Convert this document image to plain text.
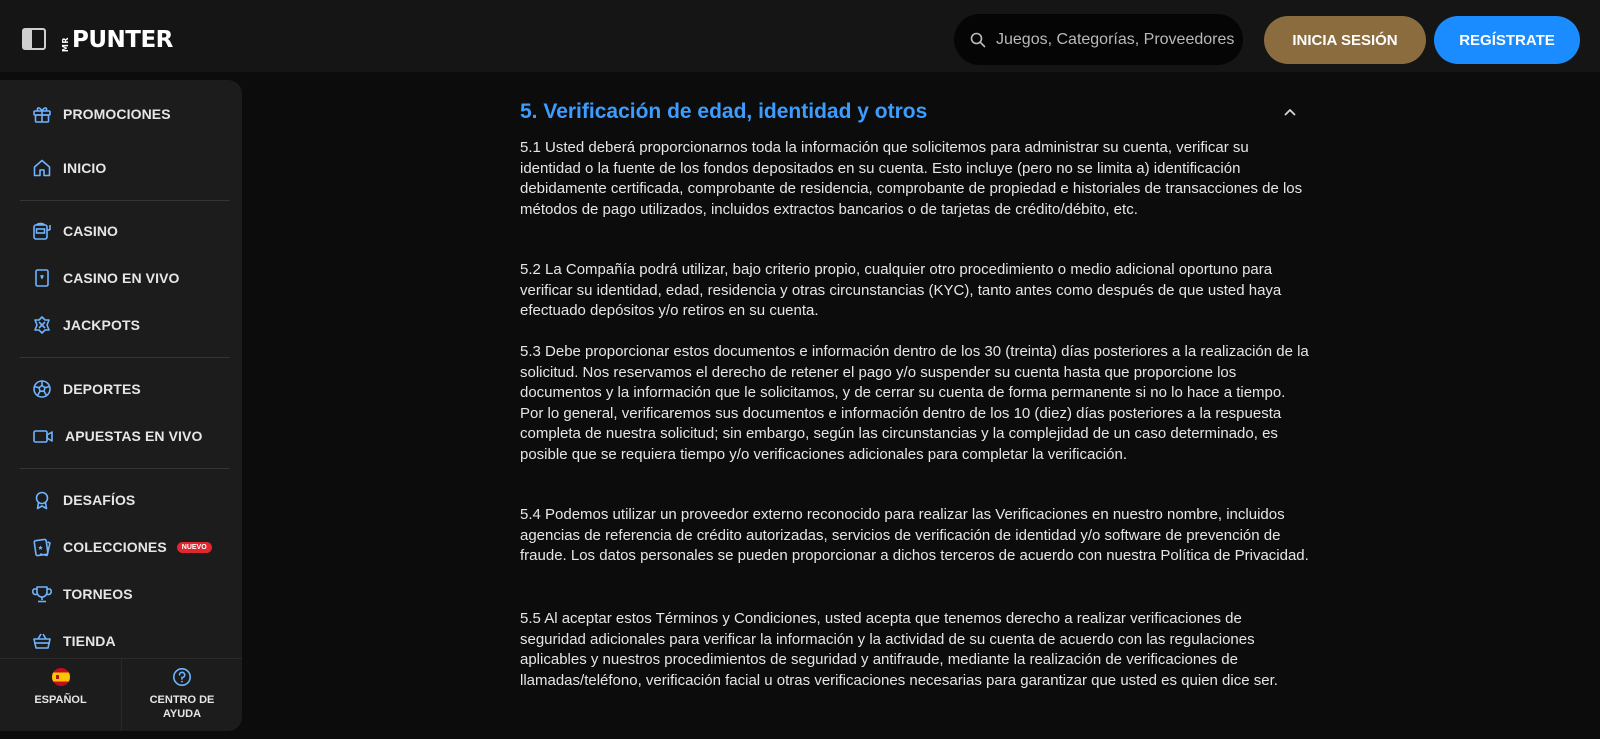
MR PUNTER
Juegos, Categorías, Proveedores	INICIA SESIÓN	REGÍSTRATE
PROMOCIONES
INICIO
CASINO
CASINO EN VIVO
JACKPOTS
DEPORTES
APUESTAS EN VIVO
DESAFÍOS
COLECCIONES	NUEVO
TORNEOS
TIENDA
ESPAÑOL	CENTRO DE AYUDA
5. Verificación de edad, identidad y otros

5.1 Usted deberá proporcionarnos toda la información que solicitemos para administrar su cuenta, verificar su identidad o la fuente de los fondos depositados en su cuenta. Esto incluye (pero no se limita a) identificación debidamente certificada, comprobante de residencia, comprobante de propiedad e historiales de transacciones de los métodos de pago utilizados, incluidos extractos bancarios o de tarjetas de crédito/débito, etc.

5.2 La Compañía podrá utilizar, bajo criterio propio, cualquier otro procedimiento o medio adicional oportuno para verificar su identidad, edad, residencia y otras circunstancias (KYC), tanto antes como después de que usted haya efectuado depósitos y/o retiros en su cuenta.

5.3 Debe proporcionar estos documentos e información dentro de los 30 (treinta) días posteriores a la realización de la solicitud. Nos reservamos el derecho de retener el pago y/o suspender su cuenta hasta que proporcione los documentos y la información que le solicitamos, y de cerrar su cuenta de forma permanente si no lo hace a tiempo. Por lo general, verificaremos sus documentos e información dentro de los 10 (diez) días posteriores a la respuesta completa de nuestra solicitud; sin embargo, según las circunstancias y la complejidad de un caso determinado, es posible que se requiera tiempo y/o verificaciones adicionales para completar la verificación.

5.4 Podemos utilizar un proveedor externo reconocido para realizar las Verificaciones en nuestro nombre, incluidos agencias de referencia de crédito autorizadas, servicios de verificación de identidad y/o software de prevención de fraude. Los datos personales se pueden proporcionar a dichos terceros de acuerdo con nuestra Política de Privacidad.

5.5 Al aceptar estos Términos y Condiciones, usted acepta que tenemos derecho a realizar verificaciones de seguridad adicionales para verificar la información y la actividad de su cuenta de acuerdo con las regulaciones aplicables y nuestros procedimientos de seguridad y antifraude, mediante la realización de verificaciones de llamadas/teléfono, verificación facial u otras verificaciones necesarias para garantizar que usted es quien dice ser.
